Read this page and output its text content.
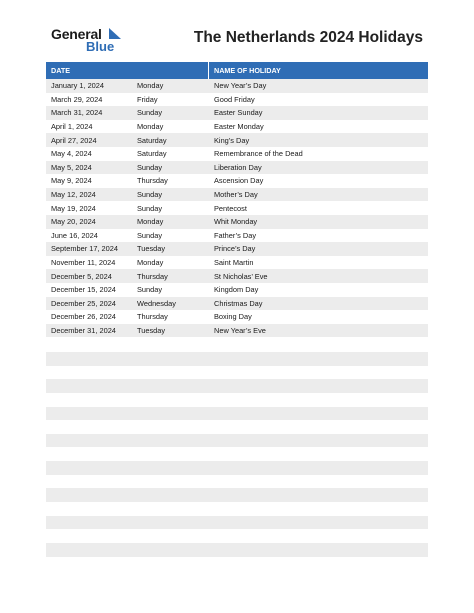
General
Blue
The Netherlands 2024 Holidays
DATE	NAME OF HOLIDAY
January 1, 2024	Monday	New Year’s Day
March 29, 2024	Friday	Good Friday
March 31, 2024	Sunday	Easter Sunday
April 1, 2024	Monday	Easter Monday
April 27, 2024	Saturday	King’s Day
May 4, 2024	Saturday	Remembrance of the Dead
May 5, 2024	Sunday	Liberation Day
May 9, 2024	Thursday	Ascension Day
May 12, 2024	Sunday	Mother’s Day
May 19, 2024	Sunday	Pentecost
May 20, 2024	Monday	Whit Monday
June 16, 2024	Sunday	Father’s Day
September 17, 2024	Tuesday	Prince’s Day
November 11, 2024	Monday	Saint Martin
December 5, 2024	Thursday	St Nicholas’ Eve
December 15, 2024	Sunday	Kingdom Day
December 25, 2024	Wednesday	Christmas Day
December 26, 2024	Thursday	Boxing Day
December 31, 2024	Tuesday	New Year’s Eve
